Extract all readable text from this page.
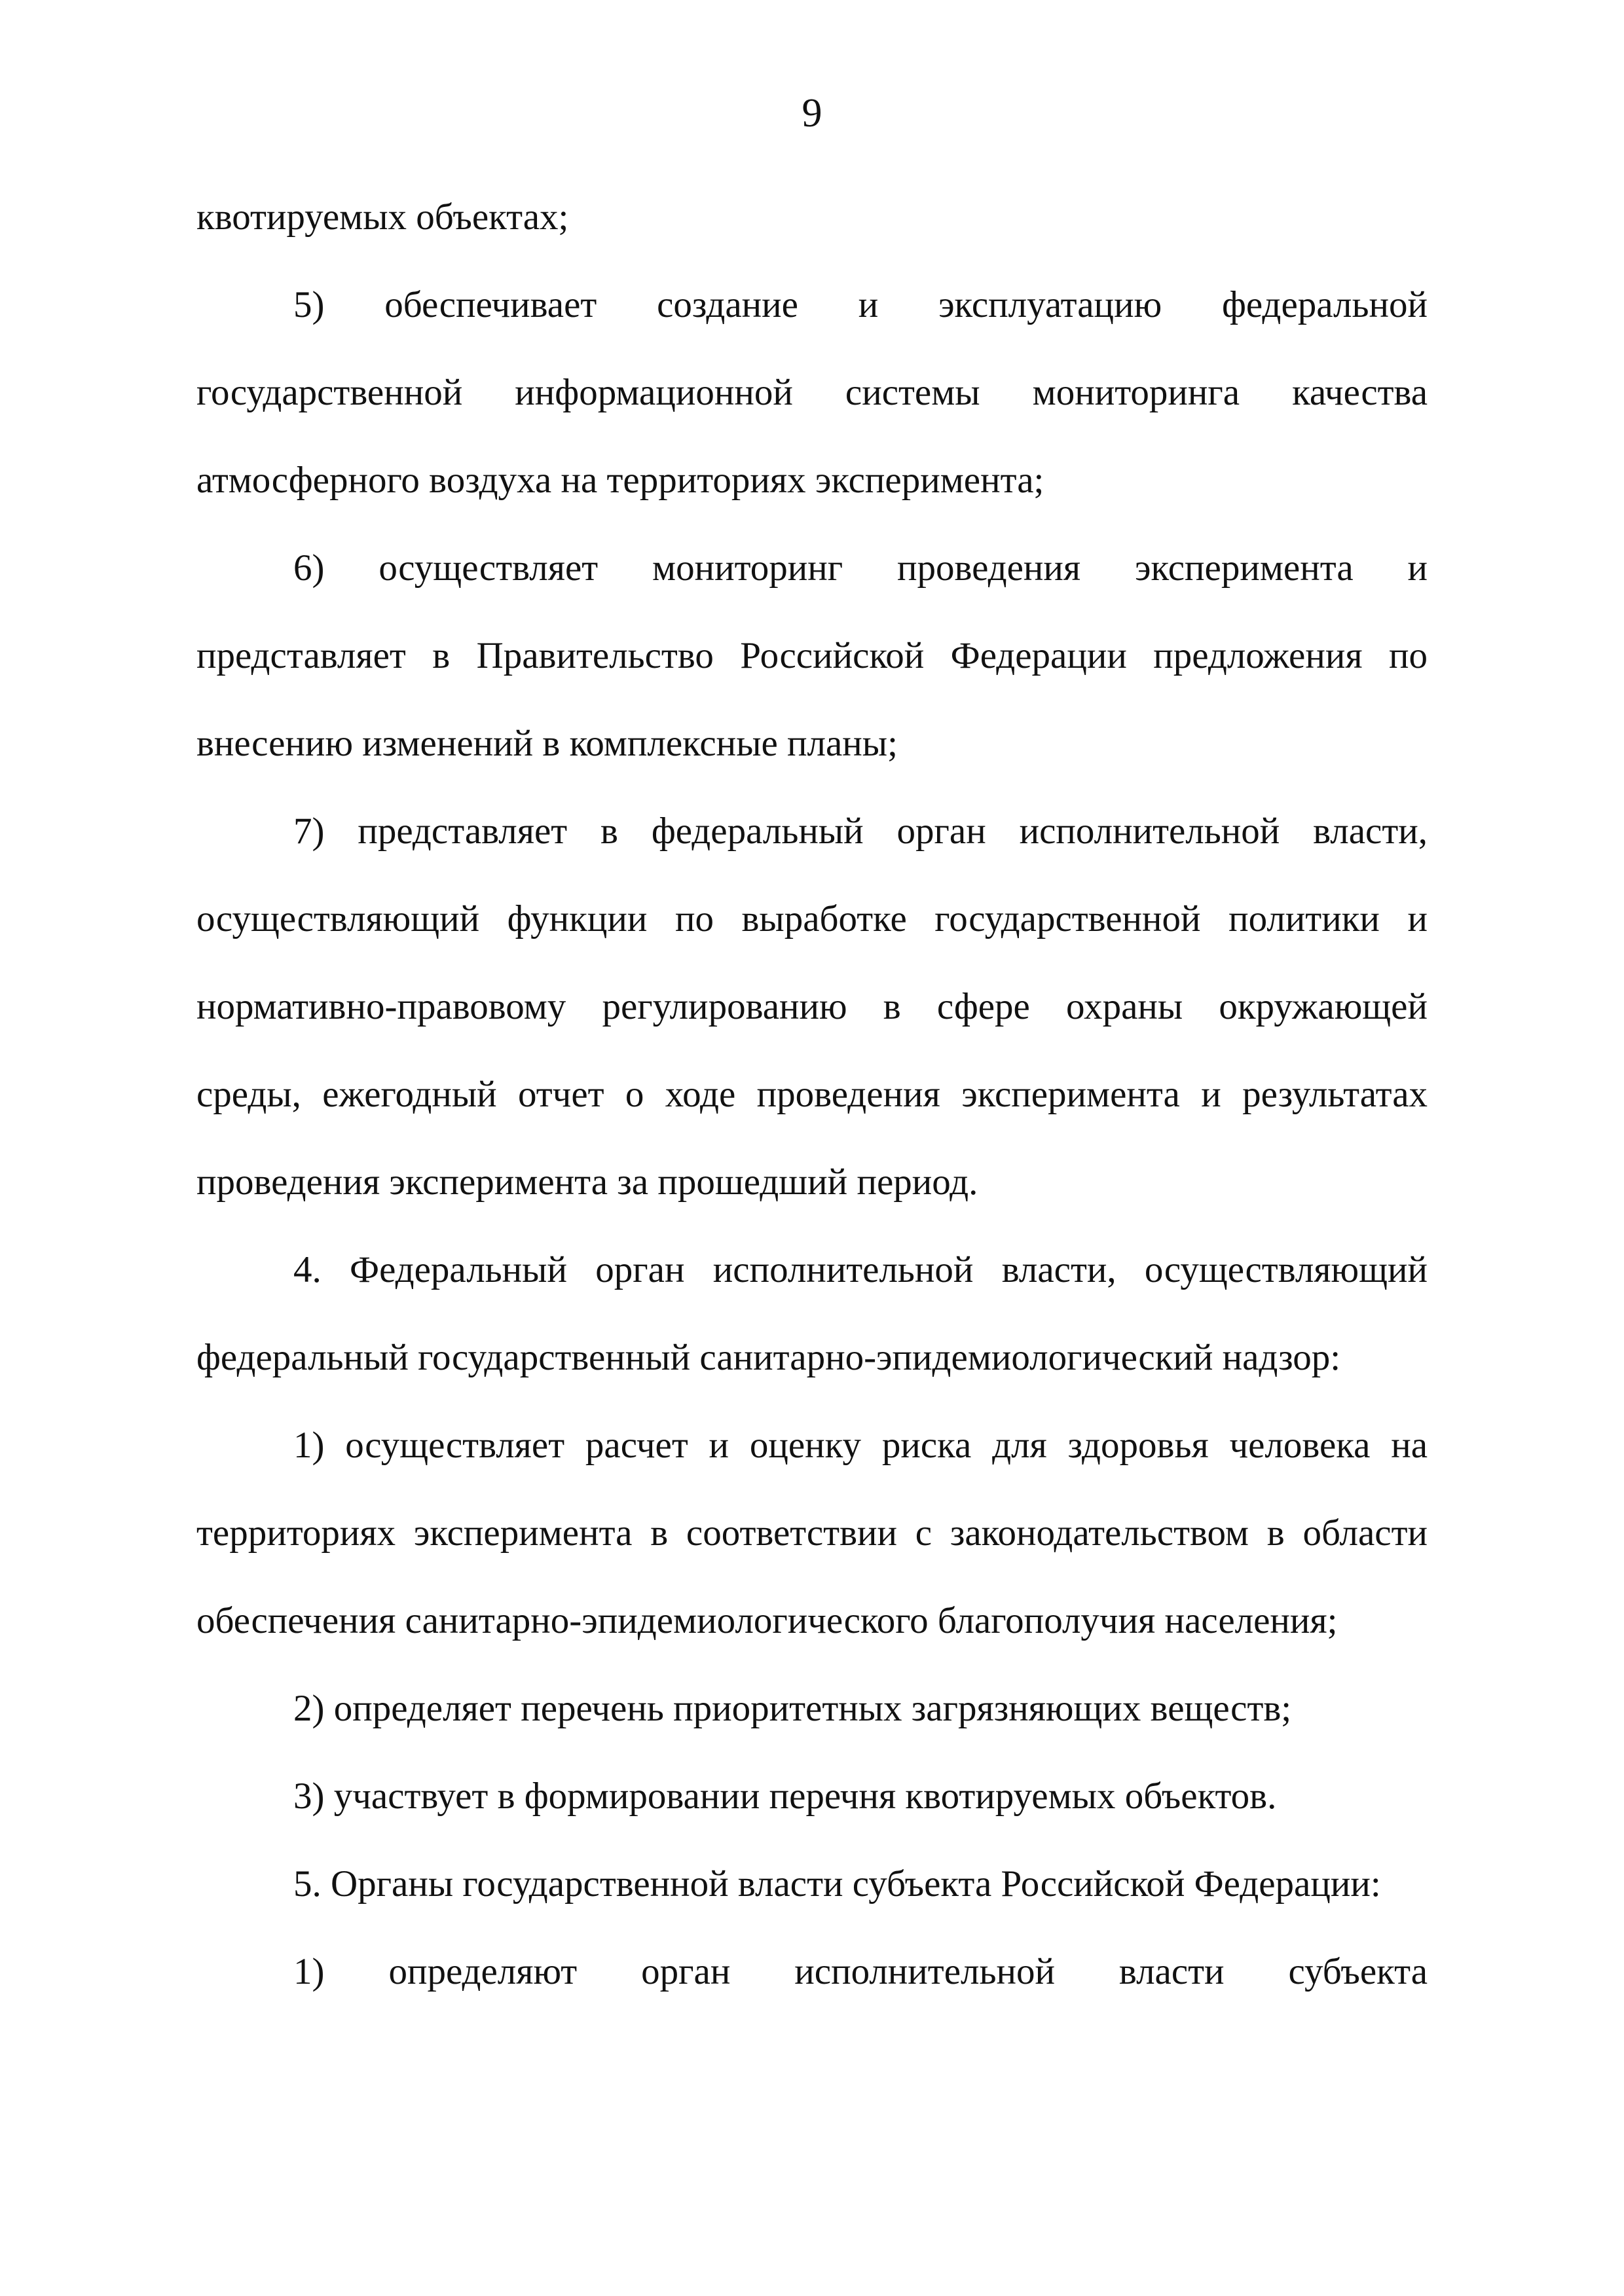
9
квотируемых объектах;
5) обеспечивает создание и эксплуатацию федеральной
государственной информационной системы мониторинга качества
атмосферного воздуха на территориях эксперимента;
6) осуществляет мониторинг проведения эксперимента и
представляет в Правительство Российской Федерации предложения по
внесению изменений в комплексные планы;
7) представляет в федеральный орган исполнительной власти,
осуществляющий функции по выработке государственной политики и
нормативно-правовому регулированию в сфере охраны окружающей
среды, ежегодный отчет о ходе проведения эксперимента и результатах
проведения эксперимента за прошедший период.
4. Федеральный орган исполнительной власти, осуществляющий
федеральный государственный санитарно-эпидемиологический надзор:
1) осуществляет расчет и оценку риска для здоровья человека на
территориях эксперимента в соответствии с законодательством в области
обеспечения санитарно-эпидемиологического благополучия населения;
2) определяет перечень приоритетных загрязняющих веществ;
3) участвует в формировании перечня квотируемых объектов.
5. Органы государственной власти субъекта Российской Федерации:
1) определяют орган исполнительной власти субъекта
